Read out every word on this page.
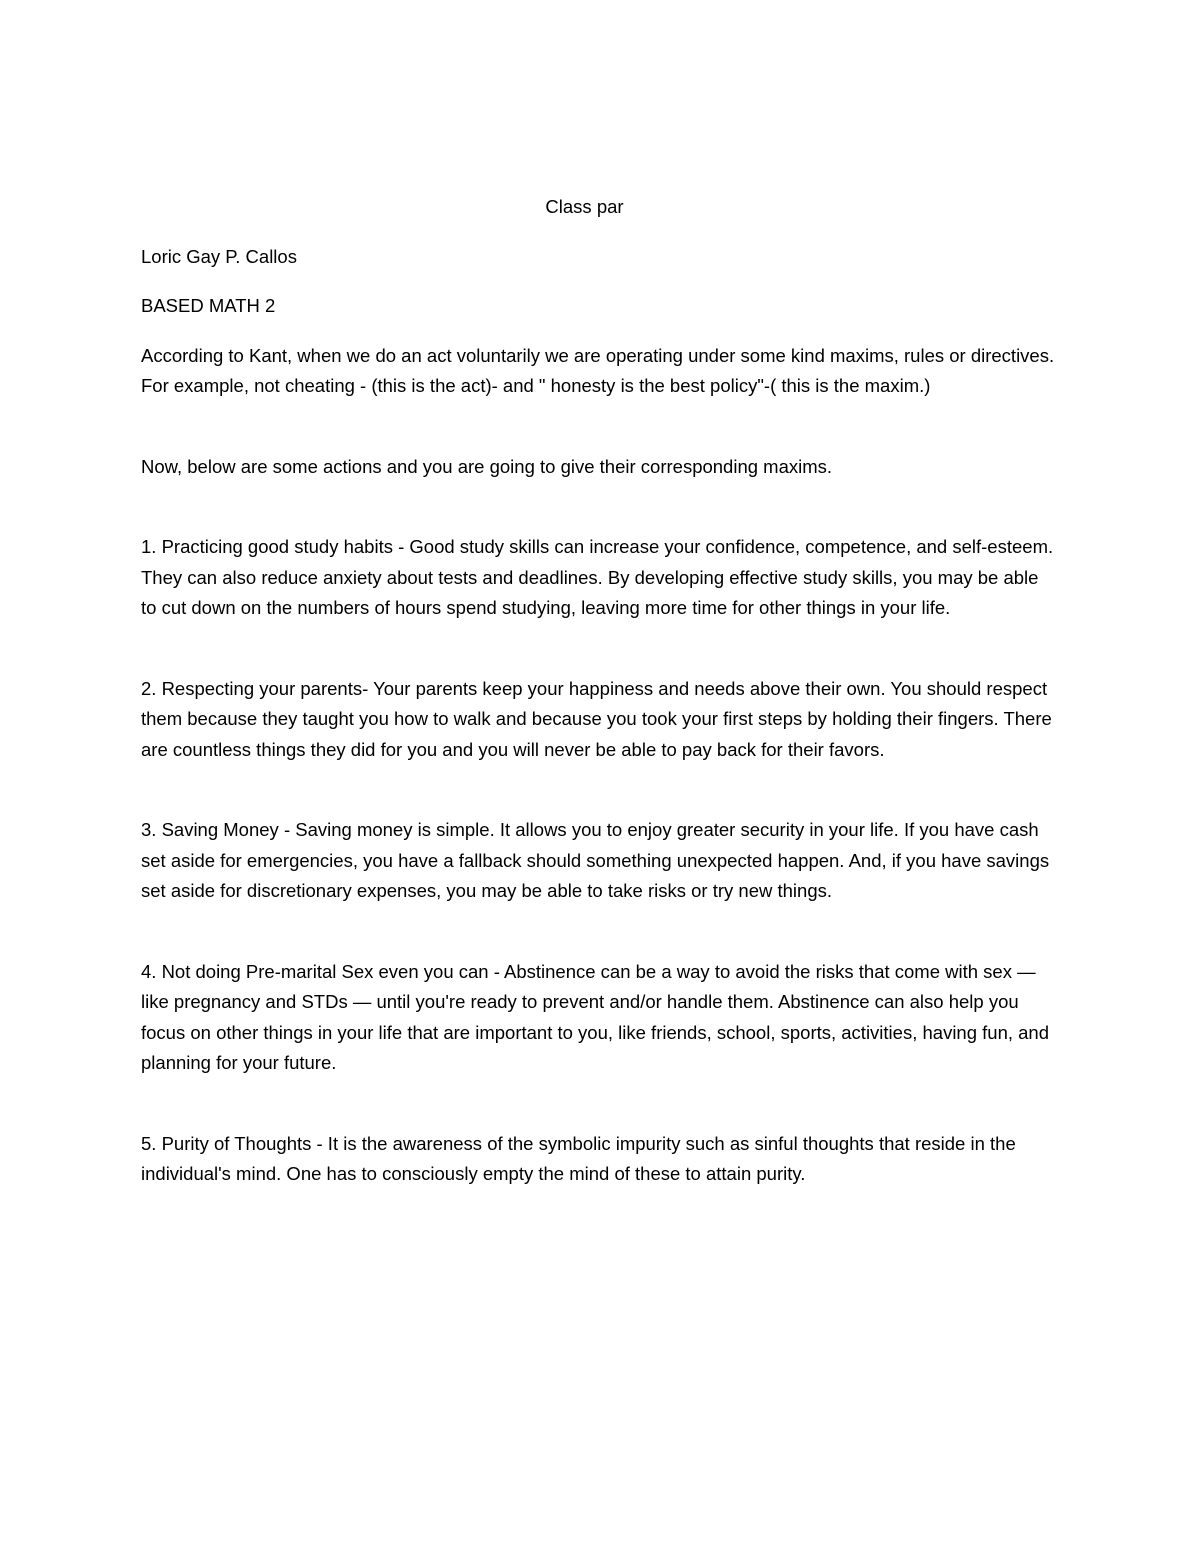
Class par

Loric Gay P. Callos

BASED MATH 2

According to Kant, when we do an act voluntarily we are operating under some kind maxims, rules or directives. For example, not cheating - (this is the act)- and " honesty is the best policy"-( this is the maxim.)

Now, below are some actions and you are going to give their corresponding maxims.

1. Practicing good study habits - Good study skills can increase your confidence, competence, and self-esteem. They can also reduce anxiety about tests and deadlines. By developing effective study skills, you may be able to cut down on the numbers of hours spend studying, leaving more time for other things in your life.

2. Respecting your parents- Your parents keep your happiness and needs above their own. You should respect them because they taught you how to walk and because you took your first steps by holding their fingers. There are countless things they did for you and you will never be able to pay back for their favors.

3. Saving Money - Saving money is simple. It allows you to enjoy greater security in your life. If you have cash set aside for emergencies, you have a fallback should something unexpected happen. And, if you have savings set aside for discretionary expenses, you may be able to take risks or try new things.

4. Not doing Pre-marital Sex even you can - Abstinence can be a way to avoid the risks that come with sex — like pregnancy and STDs — until you're ready to prevent and/or handle them. Abstinence can also help you focus on other things in your life that are important to you, like friends, school, sports, activities, having fun, and planning for your future.

5. Purity of Thoughts - It is the awareness of the symbolic impurity such as sinful thoughts that reside in the individual's mind. One has to consciously empty the mind of these to attain purity.
